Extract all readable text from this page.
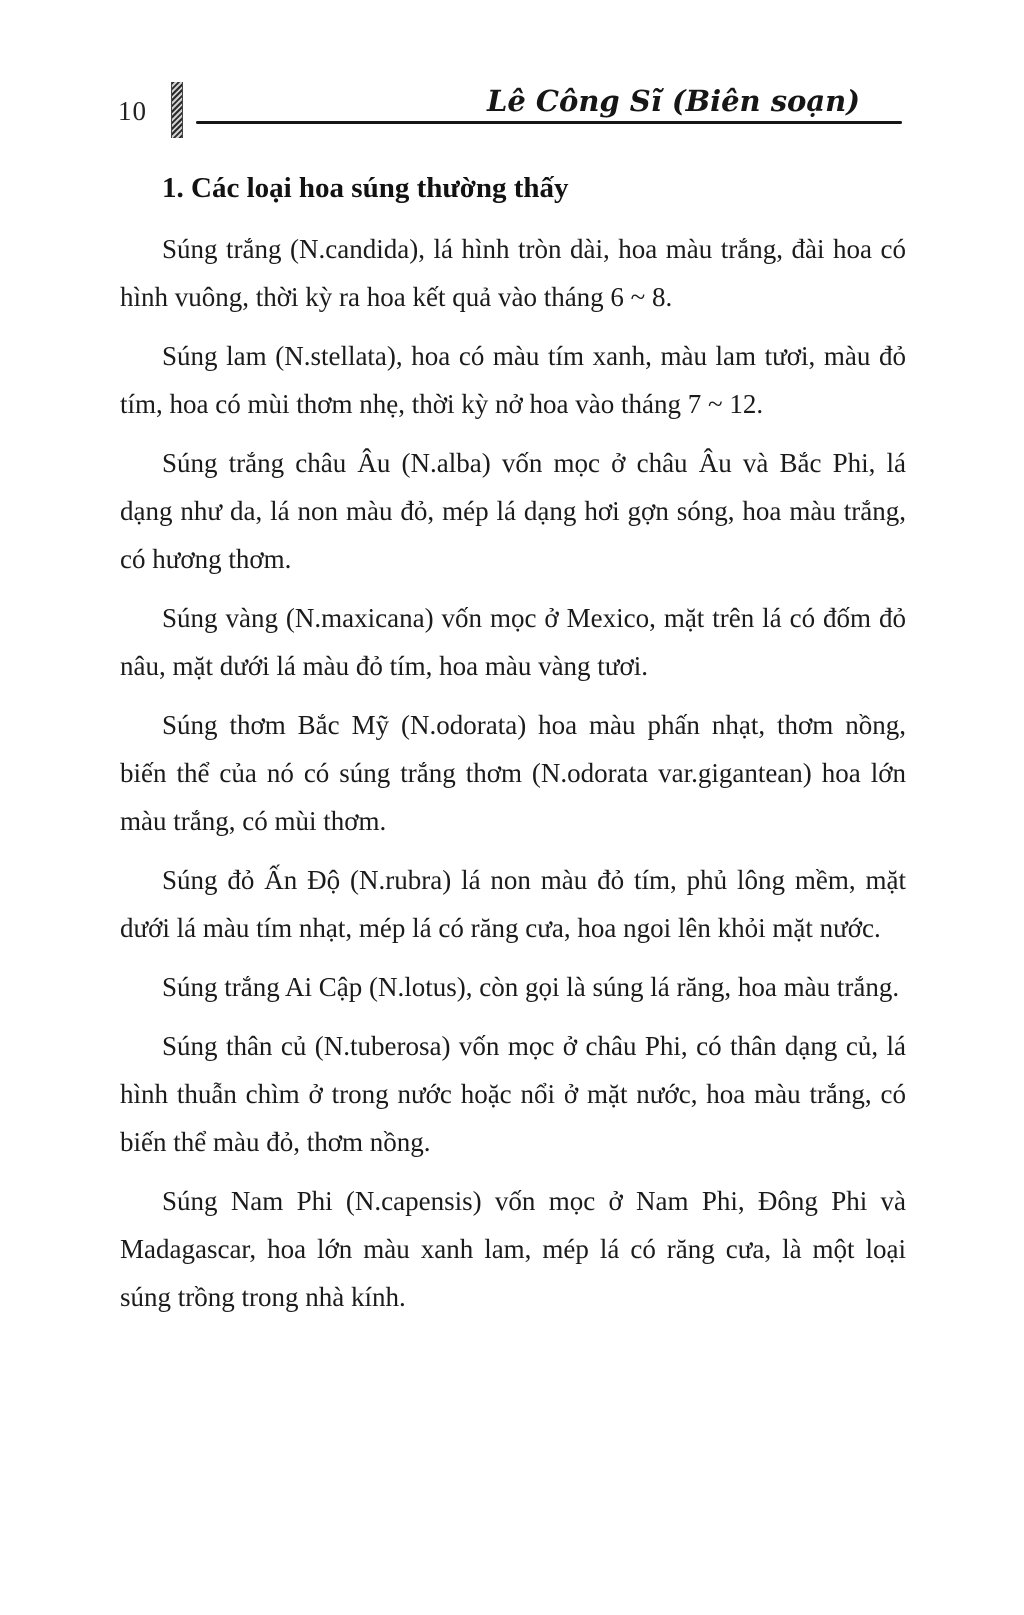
10	Lê Công Sĩ (Biên soạn)
1. Các loại hoa súng thường thấy

Súng trắng (N.candida), lá hình tròn dài, hoa màu trắng, đài hoa có hình vuông, thời kỳ ra hoa kết quả vào tháng 6 ~ 8.

Súng lam (N.stellata), hoa có màu tím xanh, màu lam tươi, màu đỏ tím, hoa có mùi thơm nhẹ, thời kỳ nở hoa vào tháng 7 ~ 12.

Súng trắng châu Âu (N.alba) vốn mọc ở châu Âu và Bắc Phi, lá dạng như da, lá non màu đỏ, mép lá dạng hơi gợn sóng, hoa màu trắng, có hương thơm.

Súng vàng (N.maxicana) vốn mọc ở Mexico, mặt trên lá có đốm đỏ nâu, mặt dưới lá màu đỏ tím, hoa màu vàng tươi.

Súng thơm Bắc Mỹ (N.odorata) hoa màu phấn nhạt, thơm nồng, biến thể của nó có súng trắng thơm (N.odorata var.gigantean) hoa lớn màu trắng, có mùi thơm.

Súng đỏ Ấn Độ (N.rubra) lá non màu đỏ tím, phủ lông mềm, mặt dưới lá màu tím nhạt, mép lá có răng cưa, hoa ngoi lên khỏi mặt nước.

Súng trắng Ai Cập (N.lotus), còn gọi là súng lá răng, hoa màu trắng.

Súng thân củ (N.tuberosa) vốn mọc ở châu Phi, có thân dạng củ, lá hình thuẫn chìm ở trong nước hoặc nổi ở mặt nước, hoa màu trắng, có biến thể màu đỏ, thơm nồng.

Súng Nam Phi (N.capensis) vốn mọc ở Nam Phi, Đông Phi và Madagascar, hoa lớn màu xanh lam, mép lá có răng cưa, là một loại súng trồng trong nhà kính.
